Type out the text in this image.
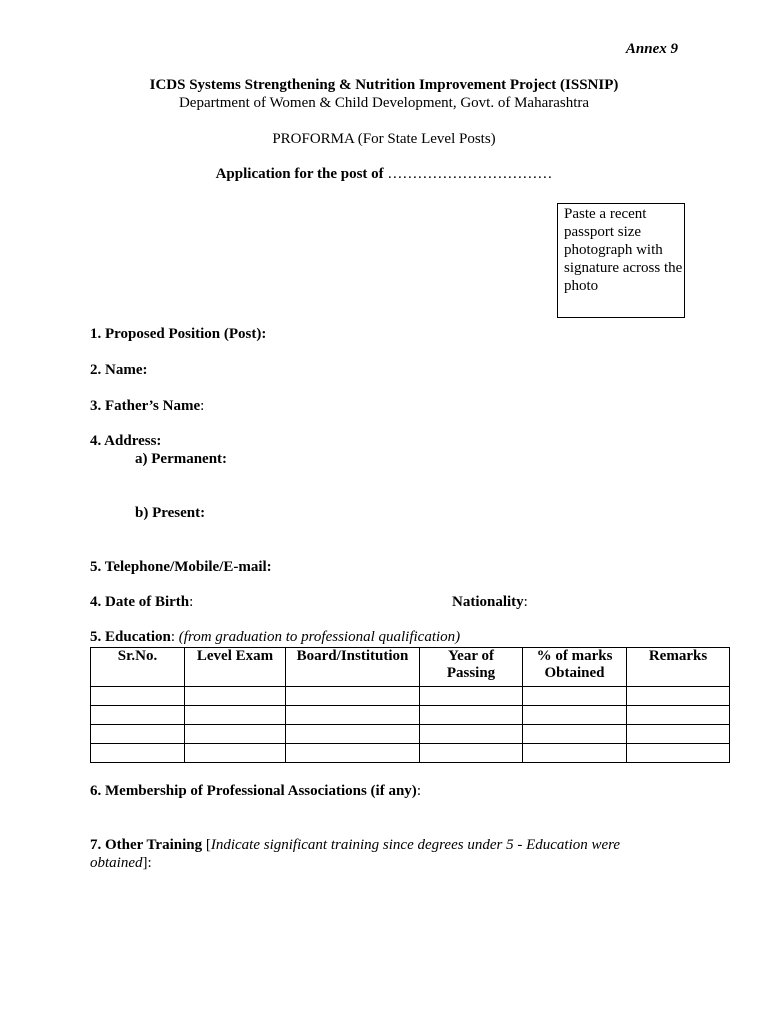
Annex 9
ICDS Systems Strengthening & Nutrition Improvement Project (ISSNIP)
Department of Women & Child Development, Govt. of Maharashtra
PROFORMA (For State Level Posts)
Application for the post of ……………………………
Paste a recent passport size photograph with signature across the photo
1. Proposed Position (Post):
2. Name:
3. Father’s Name:
4. Address:
a) Permanent:
b) Present:
5. Telephone/Mobile/E-mail:
4. Date of Birth:	Nationality:
5. Education: (from graduation to professional qualification)
Sr.No.	Level Exam	Board/Institution	Year of Passing	% of marks Obtained	Remarks

6. Membership of Professional Associations (if any):
7. Other Training [Indicate significant training since degrees under 5 - Education were
obtained]:
